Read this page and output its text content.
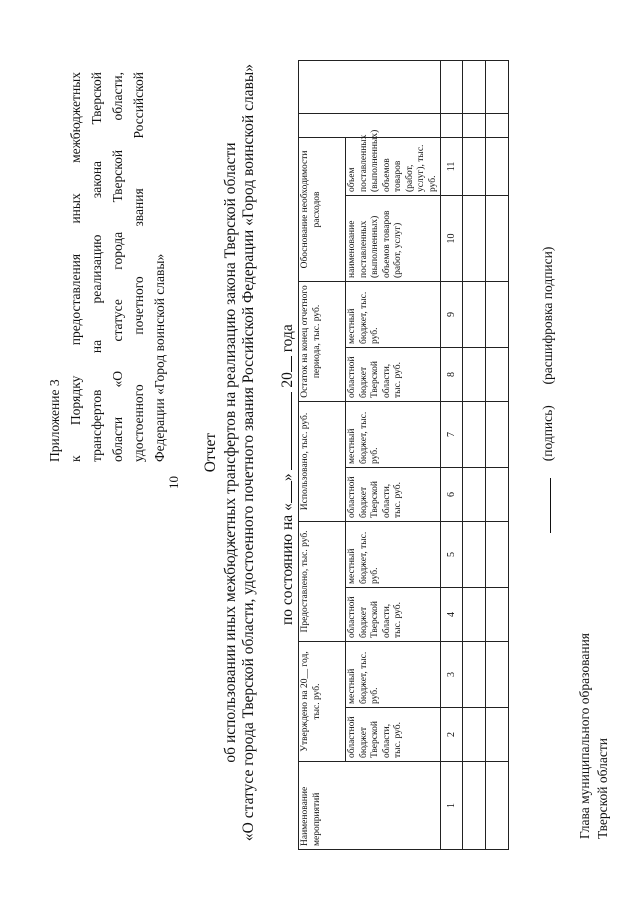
10
Приложение 3 к Порядку предоставления иных межбюджетных трансфертов на реализацию закона Тверской области «О статусе города Тверской области, удостоенного почетного звания Российской Федерации «Город воинской славы» Отчет об использовании иных межбюджетных трансфертов на реализацию закона Тверской области «О статусе города Тверской области, удостоенного почетного звания Российской Федерации «Город воинской славы» по состоянию на «»  20 года
Наименование мероприятий	Утверждено на 20__ год, тыс. руб.		Предоставлено, тыс. руб.		Использовано, тыс. руб.		Остаток на конец отчетного периода, тыс. руб.		Обоснование необходимости расходов			
	областной бюджет Тверской области, тыс. руб.	местный бюджет, тыс. руб.	областной бюджет Тверской области, тыс. руб.	местный бюджет, тыс. руб.	областной бюджет Тверской области, тыс. руб.	местный бюджет, тыс. руб.	областной бюджет Тверской области, тыс. руб.	местный бюджет, тыс. руб.	наименование поставленных (выполненных) объемов товаров (работ, услуг)	объем поставленных (выполненных) объемов товаров (работ, услуг), тыс. руб.		
1	2	3	4	5	6	7	8	9	10	11		

(подпись)  (расшифровка подписи)
Глава муниципального образования Тверской области
